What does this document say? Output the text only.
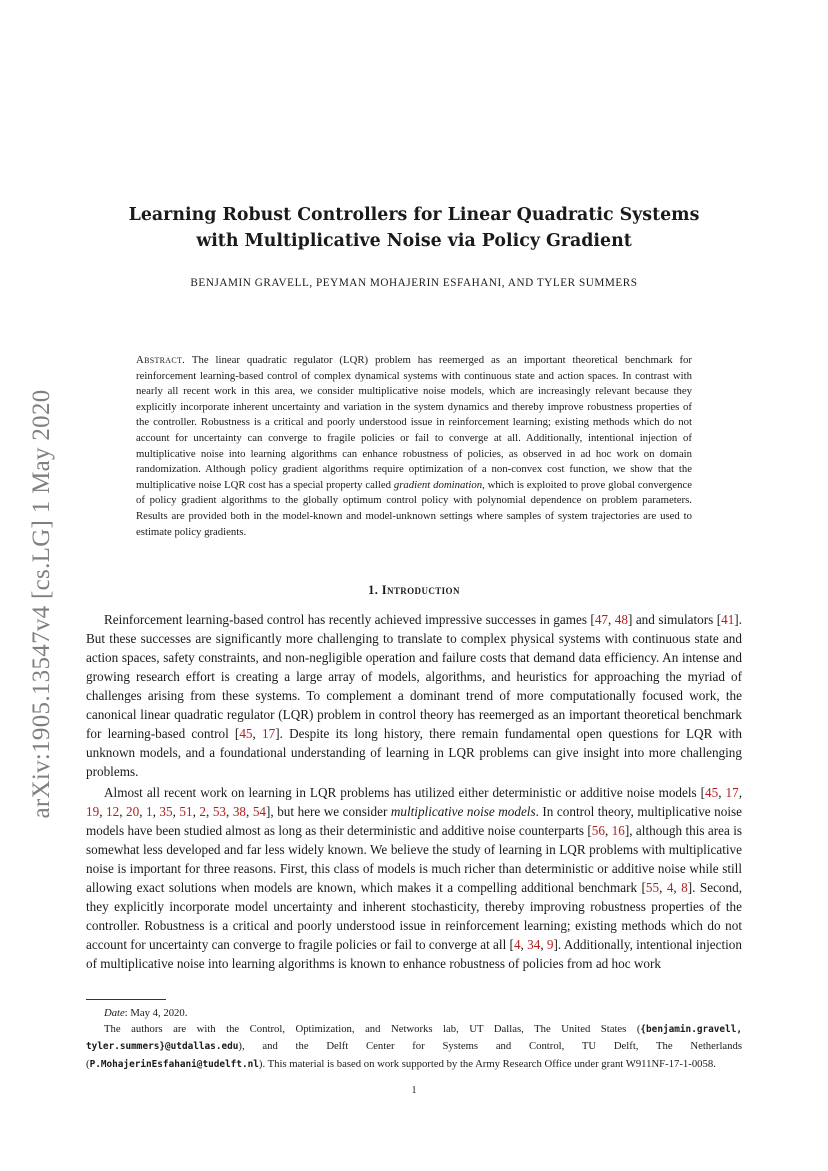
arXiv:1905.13547v4 [cs.LG] 1 May 2020
Learning Robust Controllers for Linear Quadratic Systems
with Multiplicative Noise via Policy Gradient
BENJAMIN GRAVELL, PEYMAN MOHAJERIN ESFAHANI, AND TYLER SUMMERS

Abstract. The linear quadratic regulator (LQR) problem has reemerged as an important theoretical benchmark for reinforcement learning-based control of complex dynamical systems with continuous state and action spaces. In contrast with nearly all recent work in this area, we consider multiplicative noise models, which are increasingly relevant because they explicitly incorporate inherent uncertainty and variation in the system dynamics and thereby improve robustness properties of the controller. Robustness is a critical and poorly understood issue in reinforcement learning; existing methods which do not account for uncertainty can converge to fragile policies or fail to converge at all. Additionally, intentional injection of multiplicative noise into learning algorithms can enhance robustness of policies, as observed in ad hoc work on domain randomization. Although policy gradient algorithms require optimization of a non-convex cost function, we show that the multiplicative noise LQR cost has a special property called gradient domination, which is exploited to prove global convergence of policy gradient algorithms to the globally optimum control policy with polynomial dependence on problem parameters. Results are provided both in the model-known and model-unknown settings where samples of system trajectories are used to estimate policy gradients.

1. Introduction

Reinforcement learning-based control has recently achieved impressive successes in games [47, 48] and simulators [41]. But these successes are significantly more challenging to translate to complex physical systems with continuous state and action spaces, safety constraints, and non-negligible operation and failure costs that demand data efficiency. An intense and growing research effort is creating a large array of models, algorithms, and heuristics for approaching the myriad of challenges arising from these systems. To complement a dominant trend of more computationally focused work, the canonical linear quadratic regulator (LQR) problem in control theory has reemerged as an important theoretical benchmark for learning-based control [45, 17]. Despite its long history, there remain fundamental open questions for LQR with unknown models, and a foundational understanding of learning in LQR problems can give insight into more challenging problems.

Almost all recent work on learning in LQR problems has utilized either deterministic or additive noise models [45, 17, 19, 12, 20, 1, 35, 51, 2, 53, 38, 54], but here we consider multiplicative noise models. In control theory, multiplicative noise models have been studied almost as long as their deterministic and additive noise counterparts [56, 16], although this area is somewhat less developed and far less widely known. We believe the study of learning in LQR problems with multiplicative noise is important for three reasons. First, this class of models is much richer than deterministic or additive noise while still allowing exact solutions when models are known, which makes it a compelling additional benchmark [55, 4, 8]. Second, they explicitly incorporate model uncertainty and inherent stochasticity, thereby improving robustness properties of the controller. Robustness is a critical and poorly understood issue in reinforcement learning; existing methods which do not account for uncertainty can converge to fragile policies or fail to converge at all [4, 34, 9]. Additionally, intentional injection of multiplicative noise into learning algorithms is known to enhance robustness of policies from ad hoc work

Date: May 4, 2020.

The authors are with the Control, Optimization, and Networks lab, UT Dallas, The United States ({benjamin.gravell, tyler.summers}@utdallas.edu), and the Delft Center for Systems and Control, TU Delft, The Netherlands (P.MohajerinEsfahani@tudelft.nl). This material is based on work supported by the Army Research Office under grant W911NF-17-1-0058.

1
